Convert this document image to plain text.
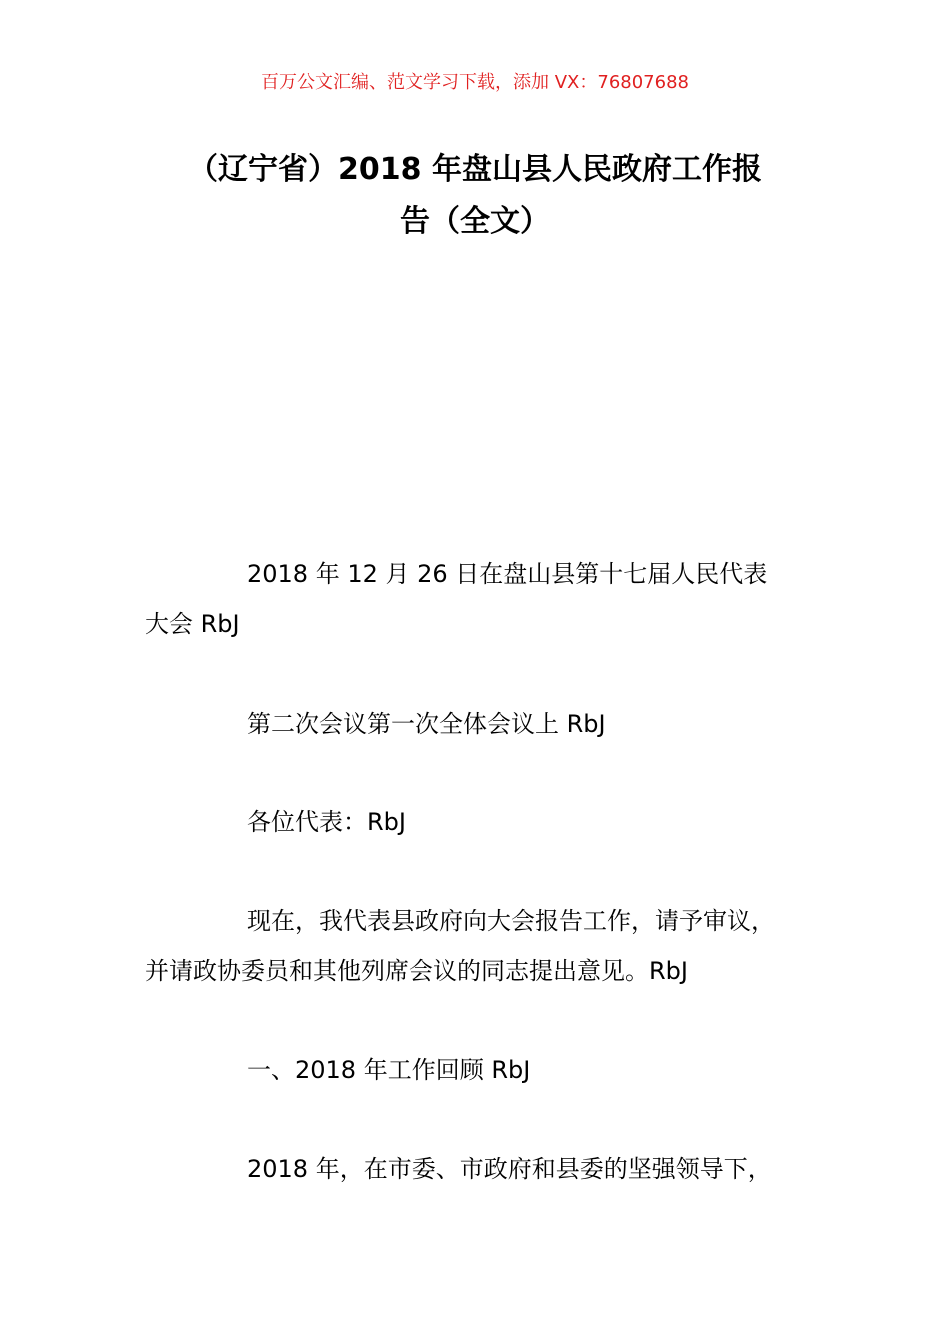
百万公文汇编、范文学习下载，添加 VX：76807688
（辽宁省）2018 年盘山县人民政府工作报
告（全文）
2018 年 12 月 26 日在盘山县第十七届人民代表
大会 RbJ
第二次会议第一次全体会议上 RbJ
各位代表：RbJ
现在，我代表县政府向大会报告工作，请予审议，
并请政协委员和其他列席会议的同志提出意见。RbJ
一、2018 年工作回顾 RbJ
2018 年，在市委、市政府和县委的坚强领导下，
